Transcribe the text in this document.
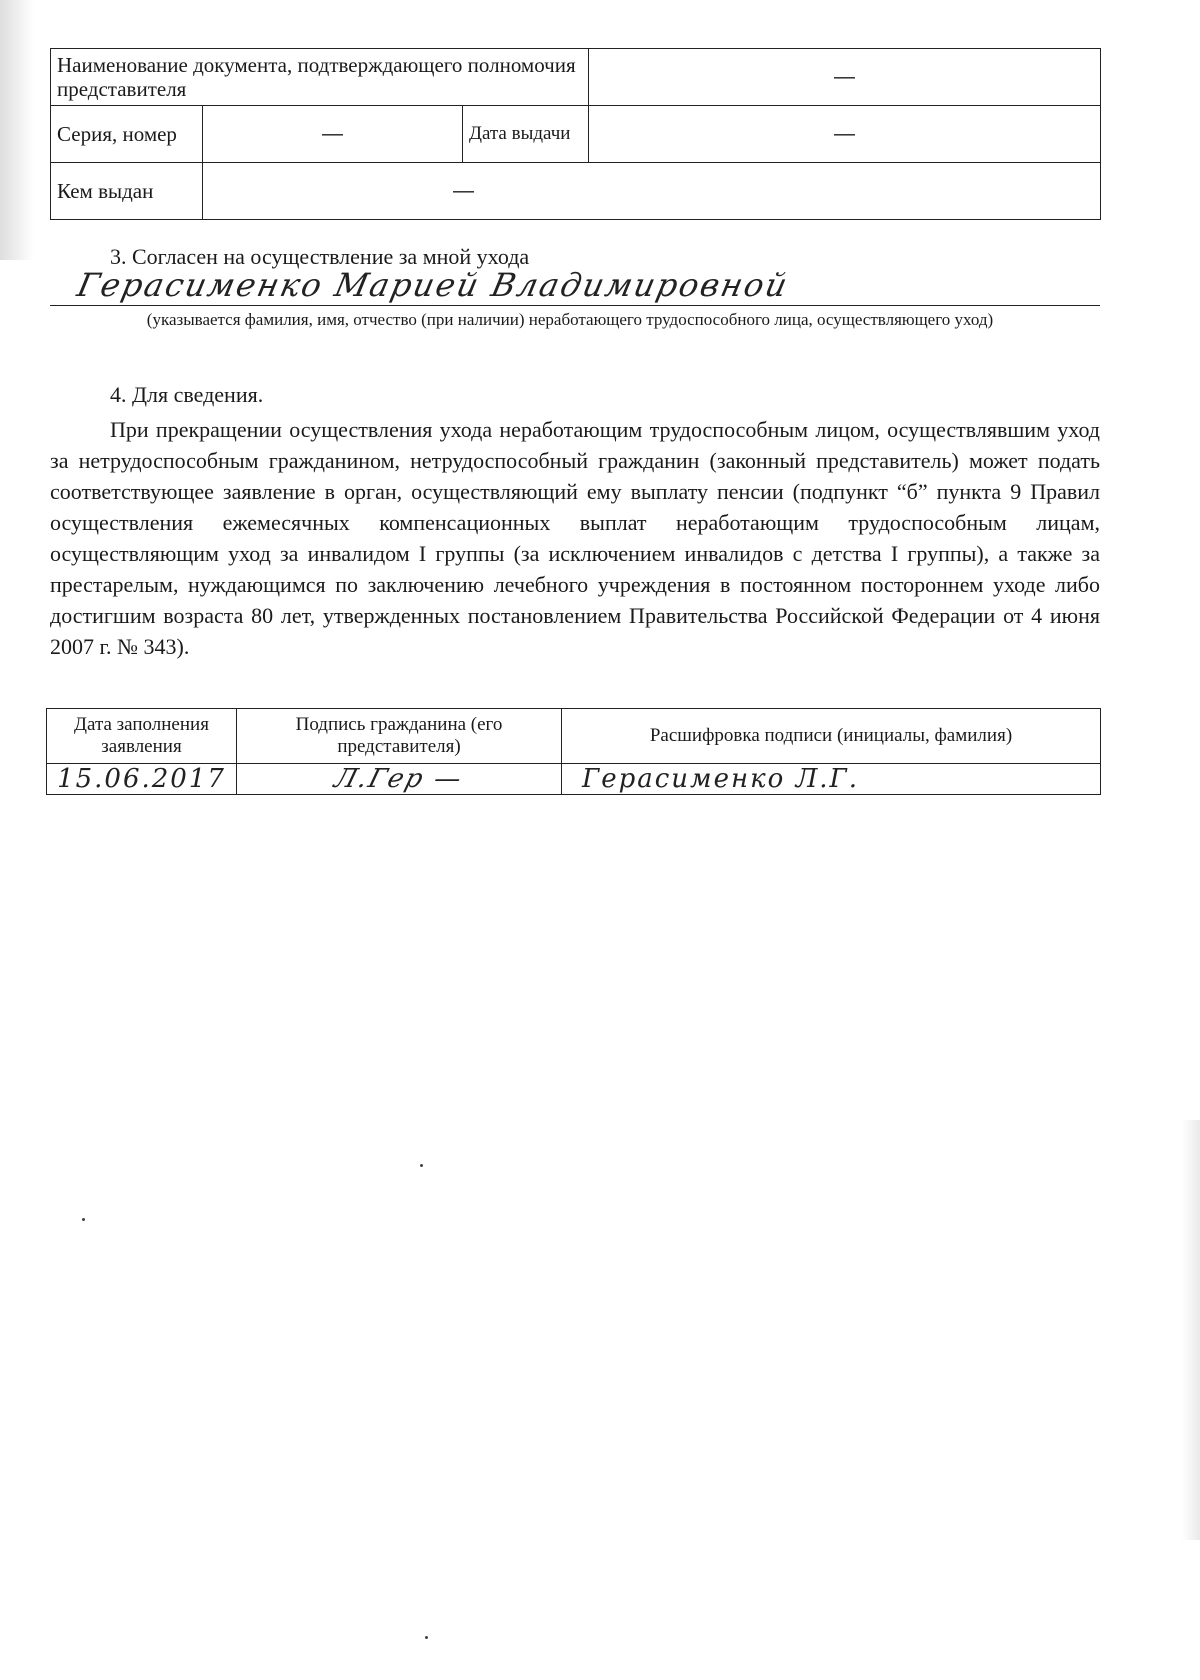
Наименование документа, подтверждающего полномочия представителя			—
Серия, номер	—	Дата выдачи	—
Кем выдан	—		
3. Согласен на осуществление за мной ухода
Герасименко Марией Владимировной
(указывается фамилия, имя, отчество (при наличии) неработающего трудоспособного лица, осуществляющего уход)
4. Для сведения.
При прекращении осуществления ухода неработающим трудоспособным лицом, осуществлявшим уход за нетрудоспособным гражданином, нетрудоспособный гражданин (законный представитель) может подать соответствующее заявление в орган, осуществляющий ему выплату пенсии (подпункт “б” пункта 9 Правил осуществления ежемесячных компенсационных выплат неработающим трудоспособным лицам, осуществляющим уход за инвалидом I группы (за исключением инвалидов с детства I группы), а также за престарелым, нуждающимся по заключению лечебного учреждения в постоянном постороннем уходе либо достигшим возраста 80 лет, утвержденных постановлением Правительства Российской Федерации от 4 июня 2007 г. № 343).
Дата заполнения заявления	Подпись гражданина (его представителя)	Расшифровка подписи (инициалы, фамилия)
15.06.2017	Л.Гер —	Герасименко Л.Г.
